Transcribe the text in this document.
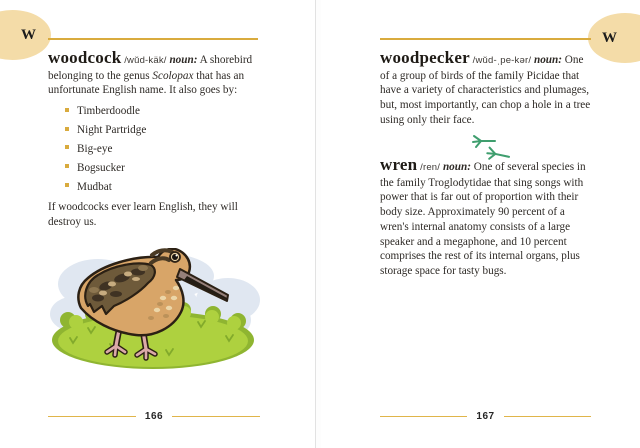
W

woodcock /wŭd-käk/ noun: A shorebird belonging to the genus Scolopax that has an unfortunate English name. It also goes by:

Timberdoodle
Night Partridge
Big-eye
Bogsucker
Mudbat

If woodcocks ever learn English, they will destroy us.

166
W

woodpecker /wŭd-ˌpe-kər/ noun: One of a group of birds of the family Picidae that have a variety of characteristics and plumages, but, most importantly, can chop a hole in a tree using only their face.

wren /ren/ noun: One of several species in the family Troglodytidae that sing songs with power that is far out of proportion with their body size. Approximately 90 percent of a wren's internal anatomy consists of a large speaker and a megaphone, and 10 percent comprises the rest of its internal organs, plus storage space for tasty bugs.

167
